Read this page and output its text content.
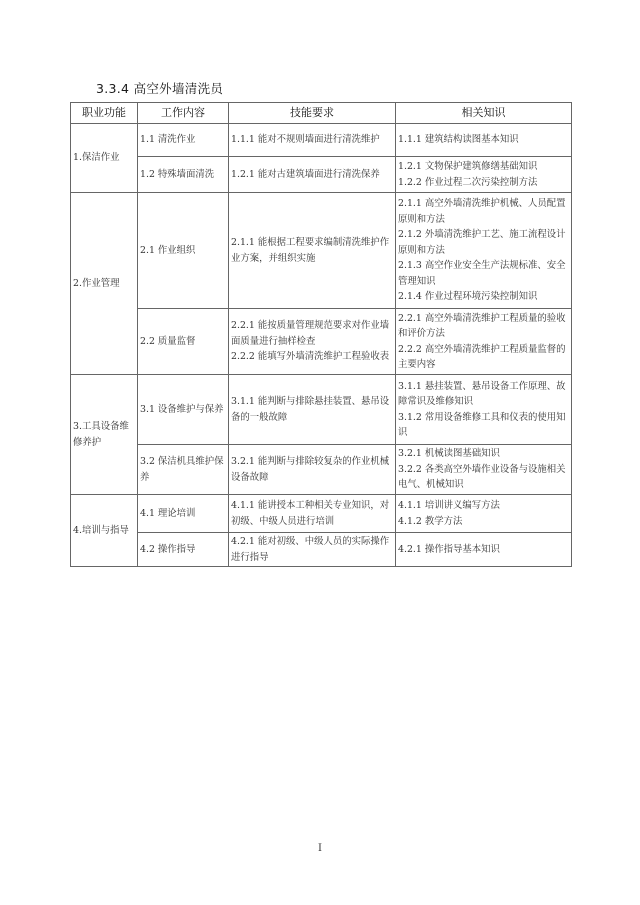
3.3.4 高空外墙清洗员
职业功能	工作内容	技能要求	相关知识
1.保洁作业	1.1 清洗作业	1.1.1 能对不规则墙面进行清洗维护	1.1.1 建筑结构读图基本知识

	1.2 特殊墙面清洗	1.2.1 能对古建筑墙面进行清洗保养	1.2.1 文物保护建筑修缮基础知识
1.2.2 作业过程二次污染控制方法

2.作业管理	2.1 作业组织	2.1.1 能根据工程要求编制清洗维护作业方案，并组织实施	2.1.1 高空外墙清洗维护机械、人员配置原则和方法
2.1.2 外墙清洗维护工艺、施工流程设计原则和方法
2.1.3 高空作业安全生产法规标准、安全管理知识
2.1.4 作业过程环境污染控制知识

	2.2 质量监督	2.2.1 能按质量管理规范要求对作业墙面质量进行抽样检查
2.2.2 能填写外墙清洗维护工程验收表	2.2.1 高空外墙清洗维护工程质量的验收和评价方法
2.2.2 高空外墙清洗维护工程质量监督的主要内容

3.工具设备维修养护	3.1 设备维护与保养	3.1.1 能判断与排除悬挂装置、悬吊设备的一般故障	3.1.1 悬挂装置、悬吊设备工作原理、故障常识及维修知识
3.1.2 常用设备维修工具和仪表的使用知识

	3.2 保洁机具维护保养	3.2.1 能判断与排除较复杂的作业机械设备故障	3.2.1 机械读图基础知识
3.2.2 各类高空外墙作业设备与设施相关电气、机械知识

4.培训与指导	4.1 理论培训	4.1.1 能讲授本工种相关专业知识，对初级、中级人员进行培训	4.1.1 培训讲义编写方法
4.1.2 教学方法

	4.2 操作指导	4.2.1 能对初级、中级人员的实际操作进行指导	4.2.1 操作指导基本知识
I
